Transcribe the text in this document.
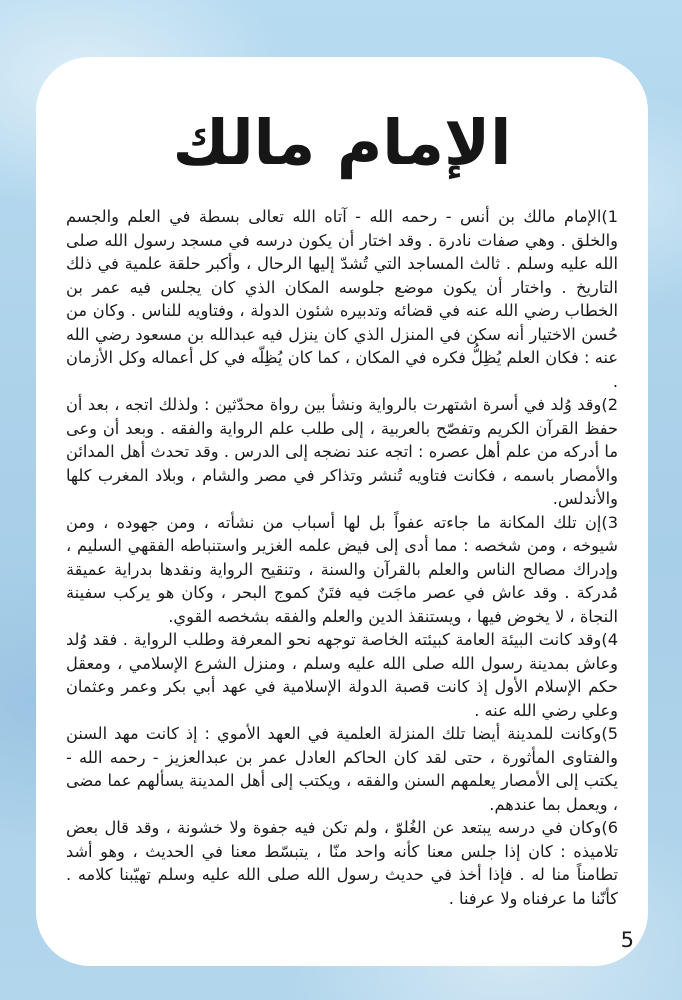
الإمام مالك

1)الإمام مالك بن أنس - رحمه الله - آتاه الله تعالى بسطة في العلم والجسم والخلق . وهي صفات نادرة . وقد اختار أن يكون درسه في مسجد رسول الله صلى الله عليه وسلم . ثالث المساجد التي تُشدّ إليها الرحال ، وأكبر حلقة علمية في ذلك التاريخ . واختار أن يكون موضع جلوسه المكان الذي كان يجلس فيه عمر بن الخطاب رضي الله عنه في قضائه وتدبيره شئون الدولة ، وفتاويه للناس . وكان من حُسن الاختيار أنه سكن في المنزل الذي كان ينزل فيه عبدالله بن مسعود رضي الله عنه : فكان العلم يُظِلُّ فكره في المكان ، كما كان يُظِلّه في كل أعماله وكل الأزمان .

2)وقد وُلد في أسرة اشتهرت بالرواية ونشأ بين رواة محدّثين : ولذلك اتجه ، بعد أن حفظ القرآن الكريم وتفصّح بالعربية ، إلى طلب علم الرواية والفقه . وبعد أن وعى ما أدركه من علم أهل عصره : اتجه عند نضجه إلى الدرس . وقد تحدث أهل المدائن والأمصار باسمه ، فكانت فتاويه تُنشر وتذاكر في مصر والشام ، وبلاد المغرب كلها والأندلس.

3)إن تلك المكانة ما جاءته عفواً بل لها أسباب من نشأته ، ومن جهوده ، ومن شيوخه ، ومن شخصه : مما أدى إلى فيض علمه الغزير واستنباطه الفقهي السليم ، وإدراك مصالح الناس والعلم بالقرآن والسنة ، وتنقيح الرواية ونقدها بدراية عميقة مُدركة . وقد عاش في عصر ماجَت فيه فتَنٌ كموج البحر ، وكان هو يركب سفينة النجاة ، لا يخوض فيها ، ويستنقذ الدين والعلم والفقه بشخصه القوي.

4)وقد كانت البيئة العامة كبيئته الخاصة توجهه نحو المعرفة وطلب الرواية . فقد وُلد وعاش بمدينة رسول الله صلى الله عليه وسلم ، ومنزل الشرع الإسلامي ، ومعقل حكم الإسلام الأول إذ كانت قصبة الدولة الإسلامية في عهد أبي بكر وعمر وعثمان وعلي رضي الله عنه .

5)وكانت للمدينة أيضا تلك المنزلة العلمية في العهد الأموي : إذ كانت مهد السنن والفتاوى المأثورة ، حتى لقد كان الحاكم العادل عمر بن عبدالعزيز - رحمه الله - يكتب إلى الأمصار يعلمهم السنن والفقه ، ويكتب إلى أهل المدينة يسألهم عما مضى ، ويعمل بما عندهم.

6)وكان في درسه يبتعد عن الغُلوّ ، ولم تكن فيه جفوة ولا خشونة ، وقد قال بعض تلاميذه : كان إذا جلس معنا كأنه واحد منّا ، يتبسّط معنا في الحديث ، وهو أشد تطامناً منا له . فإذا أخذ في حديث رسول الله صلى الله عليه وسلم تهيّبنا كلامه . كأنّنا ما عرفناه ولا عرفنا .

5
